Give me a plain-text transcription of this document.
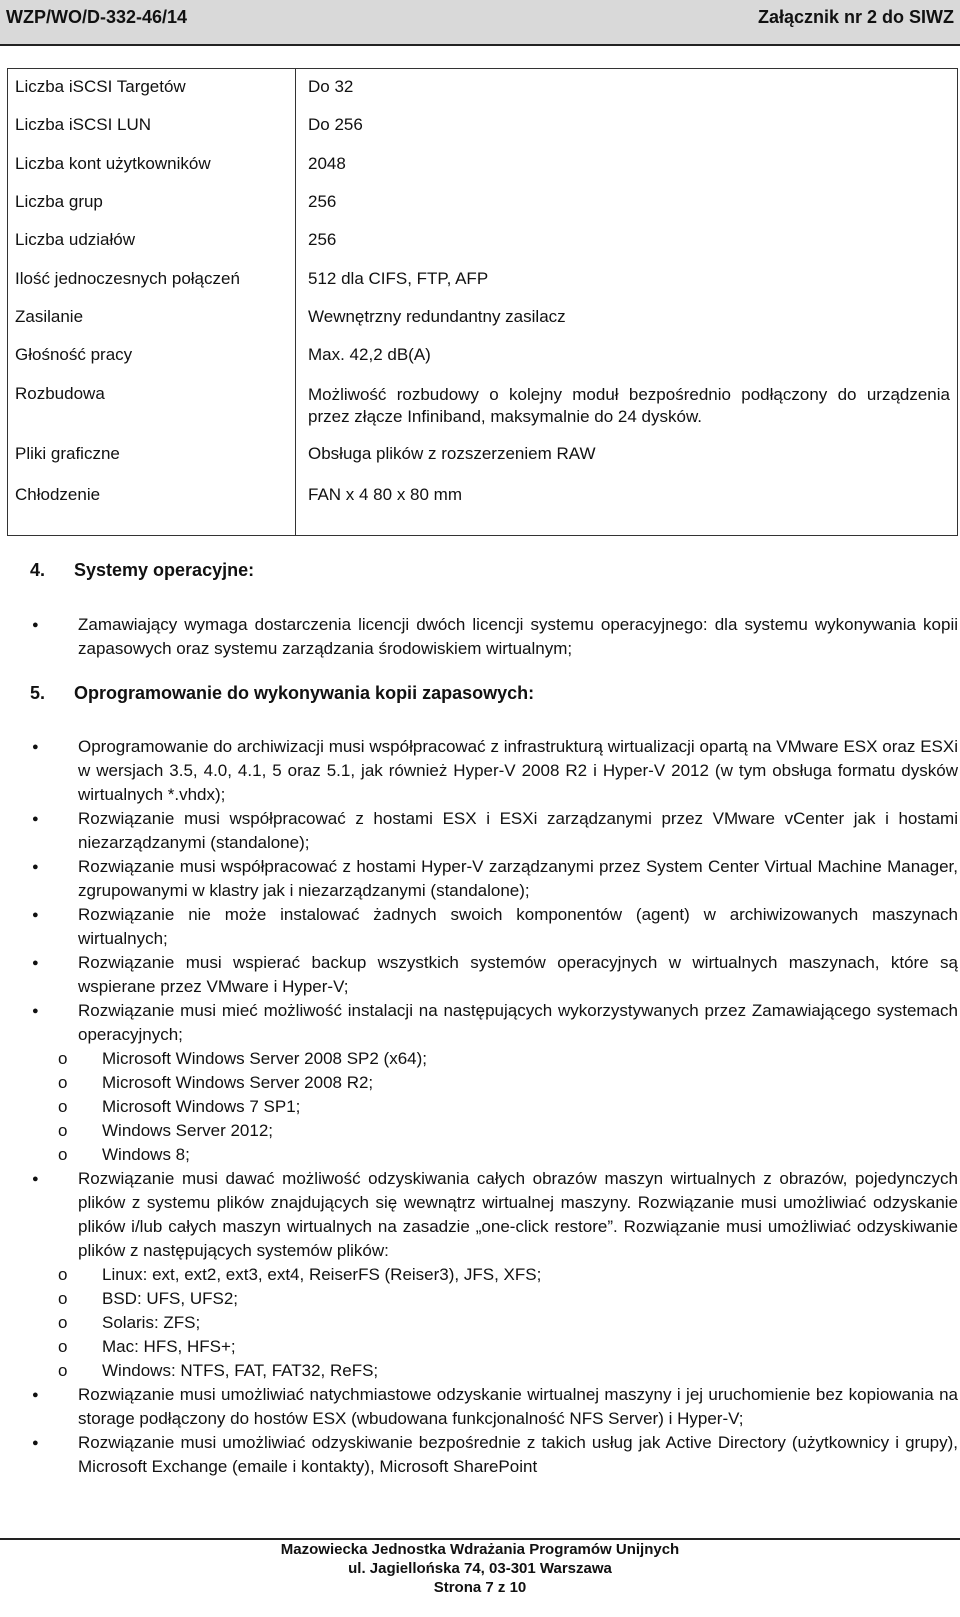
WZP/WO/D-332-46/14	Załącznik nr 2 do SIWZ
Liczba iSCSI Targetów	Do 32
Liczba iSCSI LUN	Do 256
Liczba kont użytkowników	2048
Liczba grup	256
Liczba udziałów	256
Ilość jednoczesnych połączeń	512 dla CIFS, FTP, AFP
Zasilanie	Wewnętrzny redundantny zasilacz
Głośność pracy	Max. 42,2 dB(A)
Rozbudowa	Możliwość rozbudowy o kolejny moduł bezpośrednio podłączony do urządzenia przez złącze Infiniband, maksymalnie do 24 dysków.
Pliki graficzne	Obsługa plików z rozszerzeniem RAW
Chłodzenie	FAN x 4 80 x 80 mm
4. Systemy operacyjne:
● Zamawiający wymaga dostarczenia licencji dwóch licencji systemu operacyjnego: dla systemu wykonywania kopii zapasowych oraz systemu zarządzania środowiskiem wirtualnym;
5. Oprogramowanie do wykonywania kopii zapasowych:
● Oprogramowanie do archiwizacji musi współpracować z infrastrukturą wirtualizacji opartą na VMware ESX oraz ESXi w wersjach 3.5, 4.0, 4.1, 5 oraz 5.1, jak również Hyper-V 2008 R2 i Hyper-V 2012 (w tym obsługa formatu dysków wirtualnych *.vhdx);
● Rozwiązanie musi współpracować z hostami ESX i ESXi zarządzanymi przez VMware vCenter jak i hostami niezarządzanymi (standalone);
● Rozwiązanie musi współpracować z hostami Hyper-V zarządzanymi przez System Center Virtual Machine Manager, zgrupowanymi w klastry jak i niezarządzanymi (standalone);
● Rozwiązanie nie może instalować żadnych swoich komponentów (agent) w archiwizowanych maszynach wirtualnych;
● Rozwiązanie musi wspierać backup wszystkich systemów operacyjnych w wirtualnych maszynach, które są wspierane przez VMware i Hyper-V;
● Rozwiązanie musi mieć możliwość instalacji na następujących wykorzystywanych przez Zamawiającego systemach operacyjnych;
o Microsoft Windows Server 2008 SP2 (x64);
o Microsoft Windows Server 2008 R2;
o Microsoft Windows 7 SP1;
o Windows Server 2012;
o Windows 8;
● Rozwiązanie musi dawać możliwość odzyskiwania całych obrazów maszyn wirtualnych z obrazów, pojedynczych plików z systemu plików znajdujących się wewnątrz wirtualnej maszyny. Rozwiązanie musi umożliwiać odzyskanie plików i/lub całych maszyn wirtualnych na zasadzie „one-click restore”. Rozwiązanie musi umożliwiać odzyskiwanie plików z następujących systemów plików:
o Linux: ext, ext2, ext3, ext4, ReiserFS (Reiser3), JFS, XFS;
o BSD: UFS, UFS2;
o Solaris: ZFS;
o Mac: HFS, HFS+;
o Windows: NTFS, FAT, FAT32, ReFS;
● Rozwiązanie musi umożliwiać natychmiastowe odzyskanie wirtualnej maszyny i jej uruchomienie bez kopiowania na storage podłączony do hostów ESX (wbudowana funkcjonalność NFS Server) i Hyper-V;
● Rozwiązanie musi umożliwiać odzyskiwanie bezpośrednie z takich usług jak Active Directory (użytkownicy i grupy), Microsoft Exchange (emaile i kontakty), Microsoft SharePoint
Mazowiecka Jednostka Wdrażania Programów Unijnych
ul. Jagiellońska 74, 03-301 Warszawa
Strona 7 z 10
